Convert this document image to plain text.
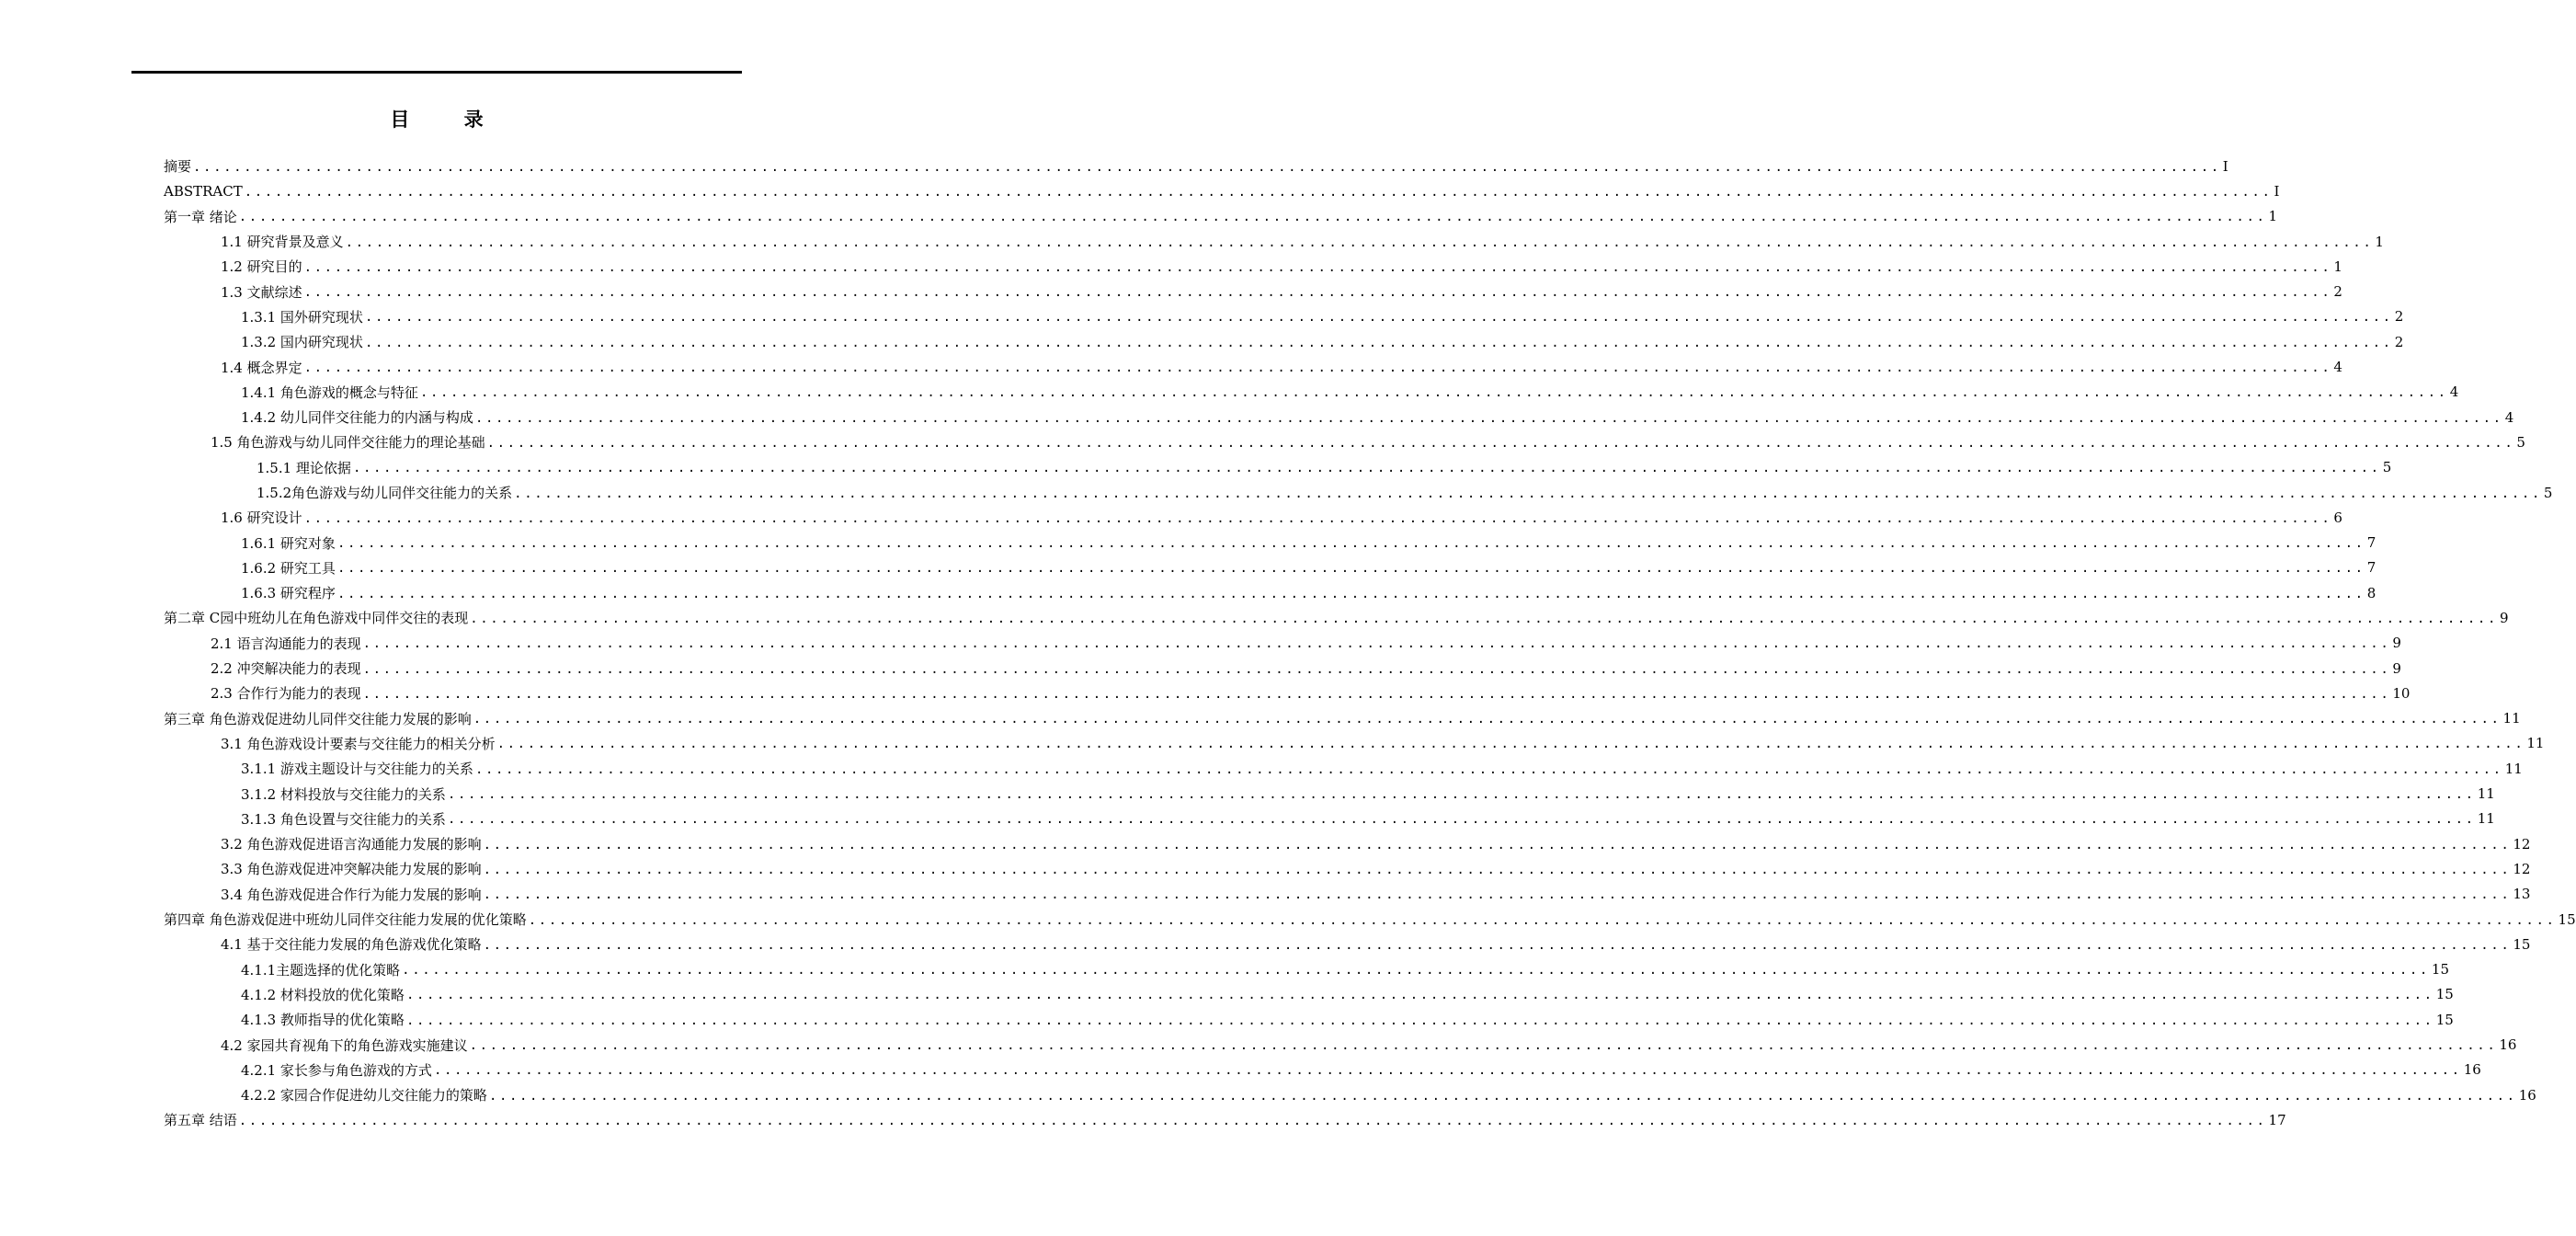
目 录
摘要 ........................................................................................................................................................................................................ I
ABSTRACT ........................................................................................................................................................................................................ I
第一章 绪论 ........................................................................................................................................................................................................ 1
1.1 研究背景及意义 ........................................................................................................................................................................................................ 1
1.2 研究目的 ........................................................................................................................................................................................................ 1
1.3 文献综述 ........................................................................................................................................................................................................ 2
1.3.1 国外研究现状 ........................................................................................................................................................................................................ 2
1.3.2 国内研究现状 ........................................................................................................................................................................................................ 2
1.4 概念界定 ........................................................................................................................................................................................................ 4
1.4.1 角色游戏的概念与特征 ........................................................................................................................................................................................................ 4
1.4.2 幼儿同伴交往能力的内涵与构成 ........................................................................................................................................................................................................ 4
1.5 角色游戏与幼儿同伴交往能力的理论基础 ........................................................................................................................................................................................................ 5
1.5.1 理论依据 ........................................................................................................................................................................................................ 5
1.5.2角色游戏与幼儿同伴交往能力的关系 ........................................................................................................................................................................................................ 5
1.6 研究设计 ........................................................................................................................................................................................................ 6
1.6.1 研究对象 ........................................................................................................................................................................................................ 7
1.6.2 研究工具 ........................................................................................................................................................................................................ 7
1.6.3 研究程序 ........................................................................................................................................................................................................ 8
第二章 C园中班幼儿在角色游戏中同伴交往的表现 ........................................................................................................................................................................................................ 9
2.1 语言沟通能力的表现 ........................................................................................................................................................................................................ 9
2.2 冲突解决能力的表现 ........................................................................................................................................................................................................ 9
2.3 合作行为能力的表现 ........................................................................................................................................................................................................ 10
第三章 角色游戏促进幼儿同伴交往能力发展的影响 ........................................................................................................................................................................................................ 11
3.1 角色游戏设计要素与交往能力的相关分析 ........................................................................................................................................................................................................ 11
3.1.1 游戏主题设计与交往能力的关系 ........................................................................................................................................................................................................ 11
3.1.2 材料投放与交往能力的关系 ........................................................................................................................................................................................................ 11
3.1.3 角色设置与交往能力的关系 ........................................................................................................................................................................................................ 11
3.2 角色游戏促进语言沟通能力发展的影响 ........................................................................................................................................................................................................ 12
3.3 角色游戏促进冲突解决能力发展的影响 ........................................................................................................................................................................................................ 12
3.4 角色游戏促进合作行为能力发展的影响 ........................................................................................................................................................................................................ 13
第四章 角色游戏促进中班幼儿同伴交往能力发展的优化策略 ........................................................................................................................................................................................................ 15
4.1 基于交往能力发展的角色游戏优化策略 ........................................................................................................................................................................................................ 15
4.1.1主题选择的优化策略 ........................................................................................................................................................................................................ 15
4.1.2 材料投放的优化策略 ........................................................................................................................................................................................................ 15
4.1.3 教师指导的优化策略 ........................................................................................................................................................................................................ 15
4.2 家园共育视角下的角色游戏实施建议 ........................................................................................................................................................................................................ 16
4.2.1 家长参与角色游戏的方式 ........................................................................................................................................................................................................ 16
4.2.2 家园合作促进幼儿交往能力的策略 ........................................................................................................................................................................................................ 16
第五章 结语 ........................................................................................................................................................................................................ 17
